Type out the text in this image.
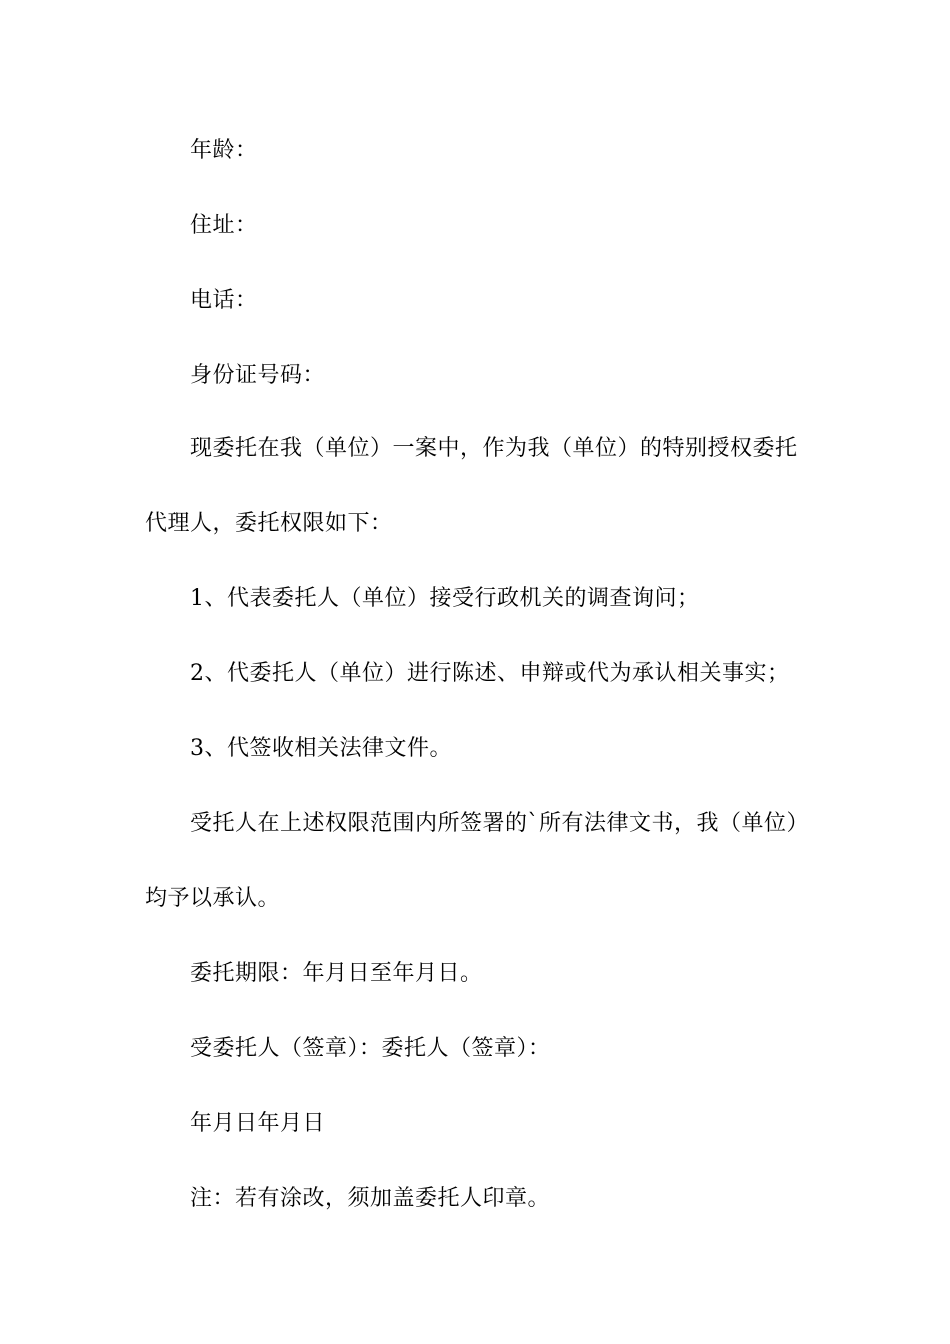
年龄：
住址：
电话：
身份证号码：
现委托在我（单位）一案中，作为我（单位）的特别授权委托
代理人，委托权限如下：
1、代表委托人（单位）接受行政机关的调查询问；
2、代委托人（单位）进行陈述、申辩或代为承认相关事实；
3、代签收相关法律文件。
受托人在上述权限范围内所签署的`所有法律文书，我（单位）
均予以承认。
委托期限：年月日至年月日。
受委托人（签章）：委托人（签章）：
年月日年月日
注：若有涂改，须加盖委托人印章。
